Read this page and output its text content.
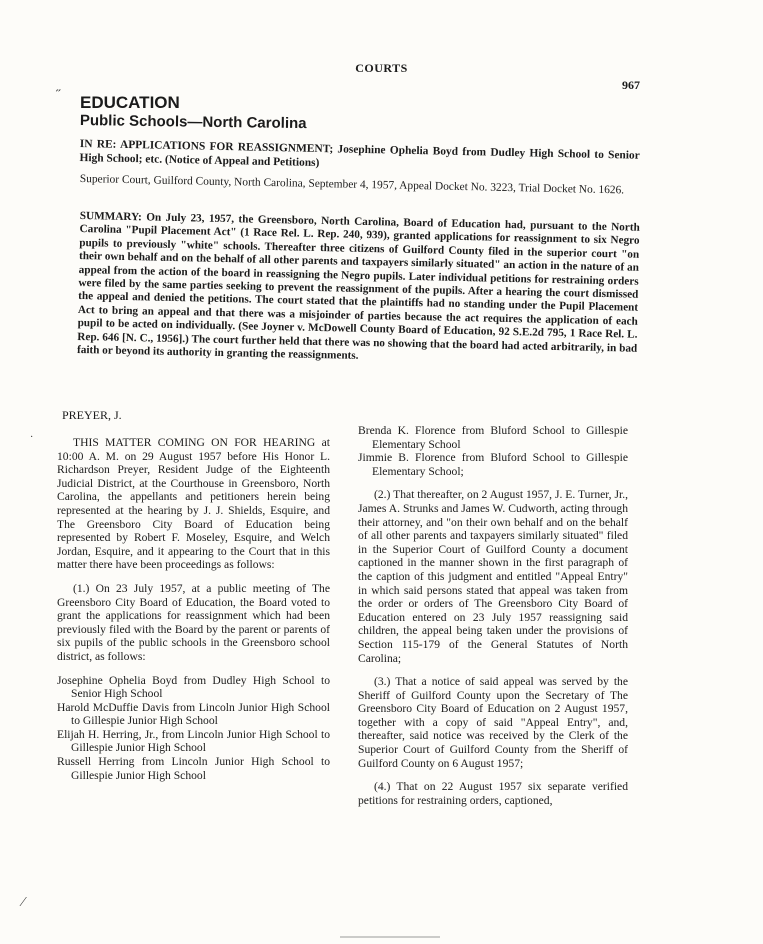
COURTS
967
˝ EDUCATION
Public Schools—North Carolina
IN RE: APPLICATIONS FOR REASSIGNMENT; Josephine Ophelia Boyd from Dudley High School to Senior High School; etc. (Notice of Appeal and Petitions)
Superior Court, Guilford County, North Carolina, September 4, 1957, Appeal Docket No. 3223, Trial Docket No. 1626.
SUMMARY: On July 23, 1957, the Greensboro, North Carolina, Board of Education had, pursuant to the North Carolina "Pupil Placement Act" (1 Race Rel. L. Rep. 240, 939), granted applications for reassignment to six Negro pupils to previously "white" schools. Thereafter three citizens of Guilford County filed in the superior court "on their own behalf and on the behalf of all other parents and taxpayers similarly situated" an action in the nature of an appeal from the action of the board in reassigning the Negro pupils. Later individual petitions for restraining orders were filed by the same parties seeking to prevent the reassignment of the pupils. After a hearing the court dismissed the appeal and denied the petitions. The court stated that the plaintiffs had no standing under the Pupil Placement Act to bring an appeal and that there was a misjoinder of parties because the act requires the application of each pupil to be acted on individually. (See Joyner v. McDowell County Board of Education, 92 S.E.2d 795, 1 Race Rel. L. Rep. 646 [N. C., 1956].) The court further held that there was no showing that the board had acted arbitrarily, in bad faith or beyond its authority in granting the reassignments.
PREYER, J.

THIS MATTER COMING ON FOR HEARING at 10:00 A. M. on 29 August 1957 before His Honor L. Richardson Preyer, Resident Judge of the Eighteenth Judicial District, at the Courthouse in Greensboro, North Carolina, the appellants and petitioners herein being represented at the hearing by J. J. Shields, Esquire, and The Greensboro City Board of Education being represented by Robert F. Moseley, Esquire, and Welch Jordan, Esquire, and it appearing to the Court that in this matter there have been proceedings as follows:

(1.) On 23 July 1957, at a public meeting of The Greensboro City Board of Education, the Board voted to grant the applications for reassignment which had been previously filed with the Board by the parent or parents of six pupils of the public schools in the Greensboro school district, as follows:

Josephine Ophelia Boyd from Dudley High School to Senior High School
Harold McDuffie Davis from Lincoln Junior High School to Gillespie Junior High School
Elijah H. Herring, Jr., from Lincoln Junior High School to Gillespie Junior High School
Russell Herring from Lincoln Junior High School to Gillespie Junior High School
Brenda K. Florence from Bluford School to Gillespie Elementary School
Jimmie B. Florence from Bluford School to Gillespie Elementary School;

(2.) That thereafter, on 2 August 1957, J. E. Turner, Jr., James A. Strunks and James W. Cudworth, acting through their attorney, and "on their own behalf and on the behalf of all other parents and taxpayers similarly situated" filed in the Superior Court of Guilford County a document captioned in the manner shown in the first paragraph of the caption of this judgment and entitled "Appeal Entry" in which said persons stated that appeal was taken from the order or orders of The Greensboro City Board of Education entered on 23 July 1957 reassigning said children, the appeal being taken under the provisions of Section 115-179 of the General Statutes of North Carolina;

(3.) That a notice of said appeal was served by the Sheriff of Guilford County upon the Secretary of The Greensboro City Board of Education on 2 August 1957, together with a copy of said "Appeal Entry", and, thereafter, said notice was received by the Clerk of the Superior Court of Guilford County from the Sheriff of Guilford County on 6 August 1957;

(4.) That on 22 August 1957 six separate verified petitions for restraining orders, captioned,

·
⁄
